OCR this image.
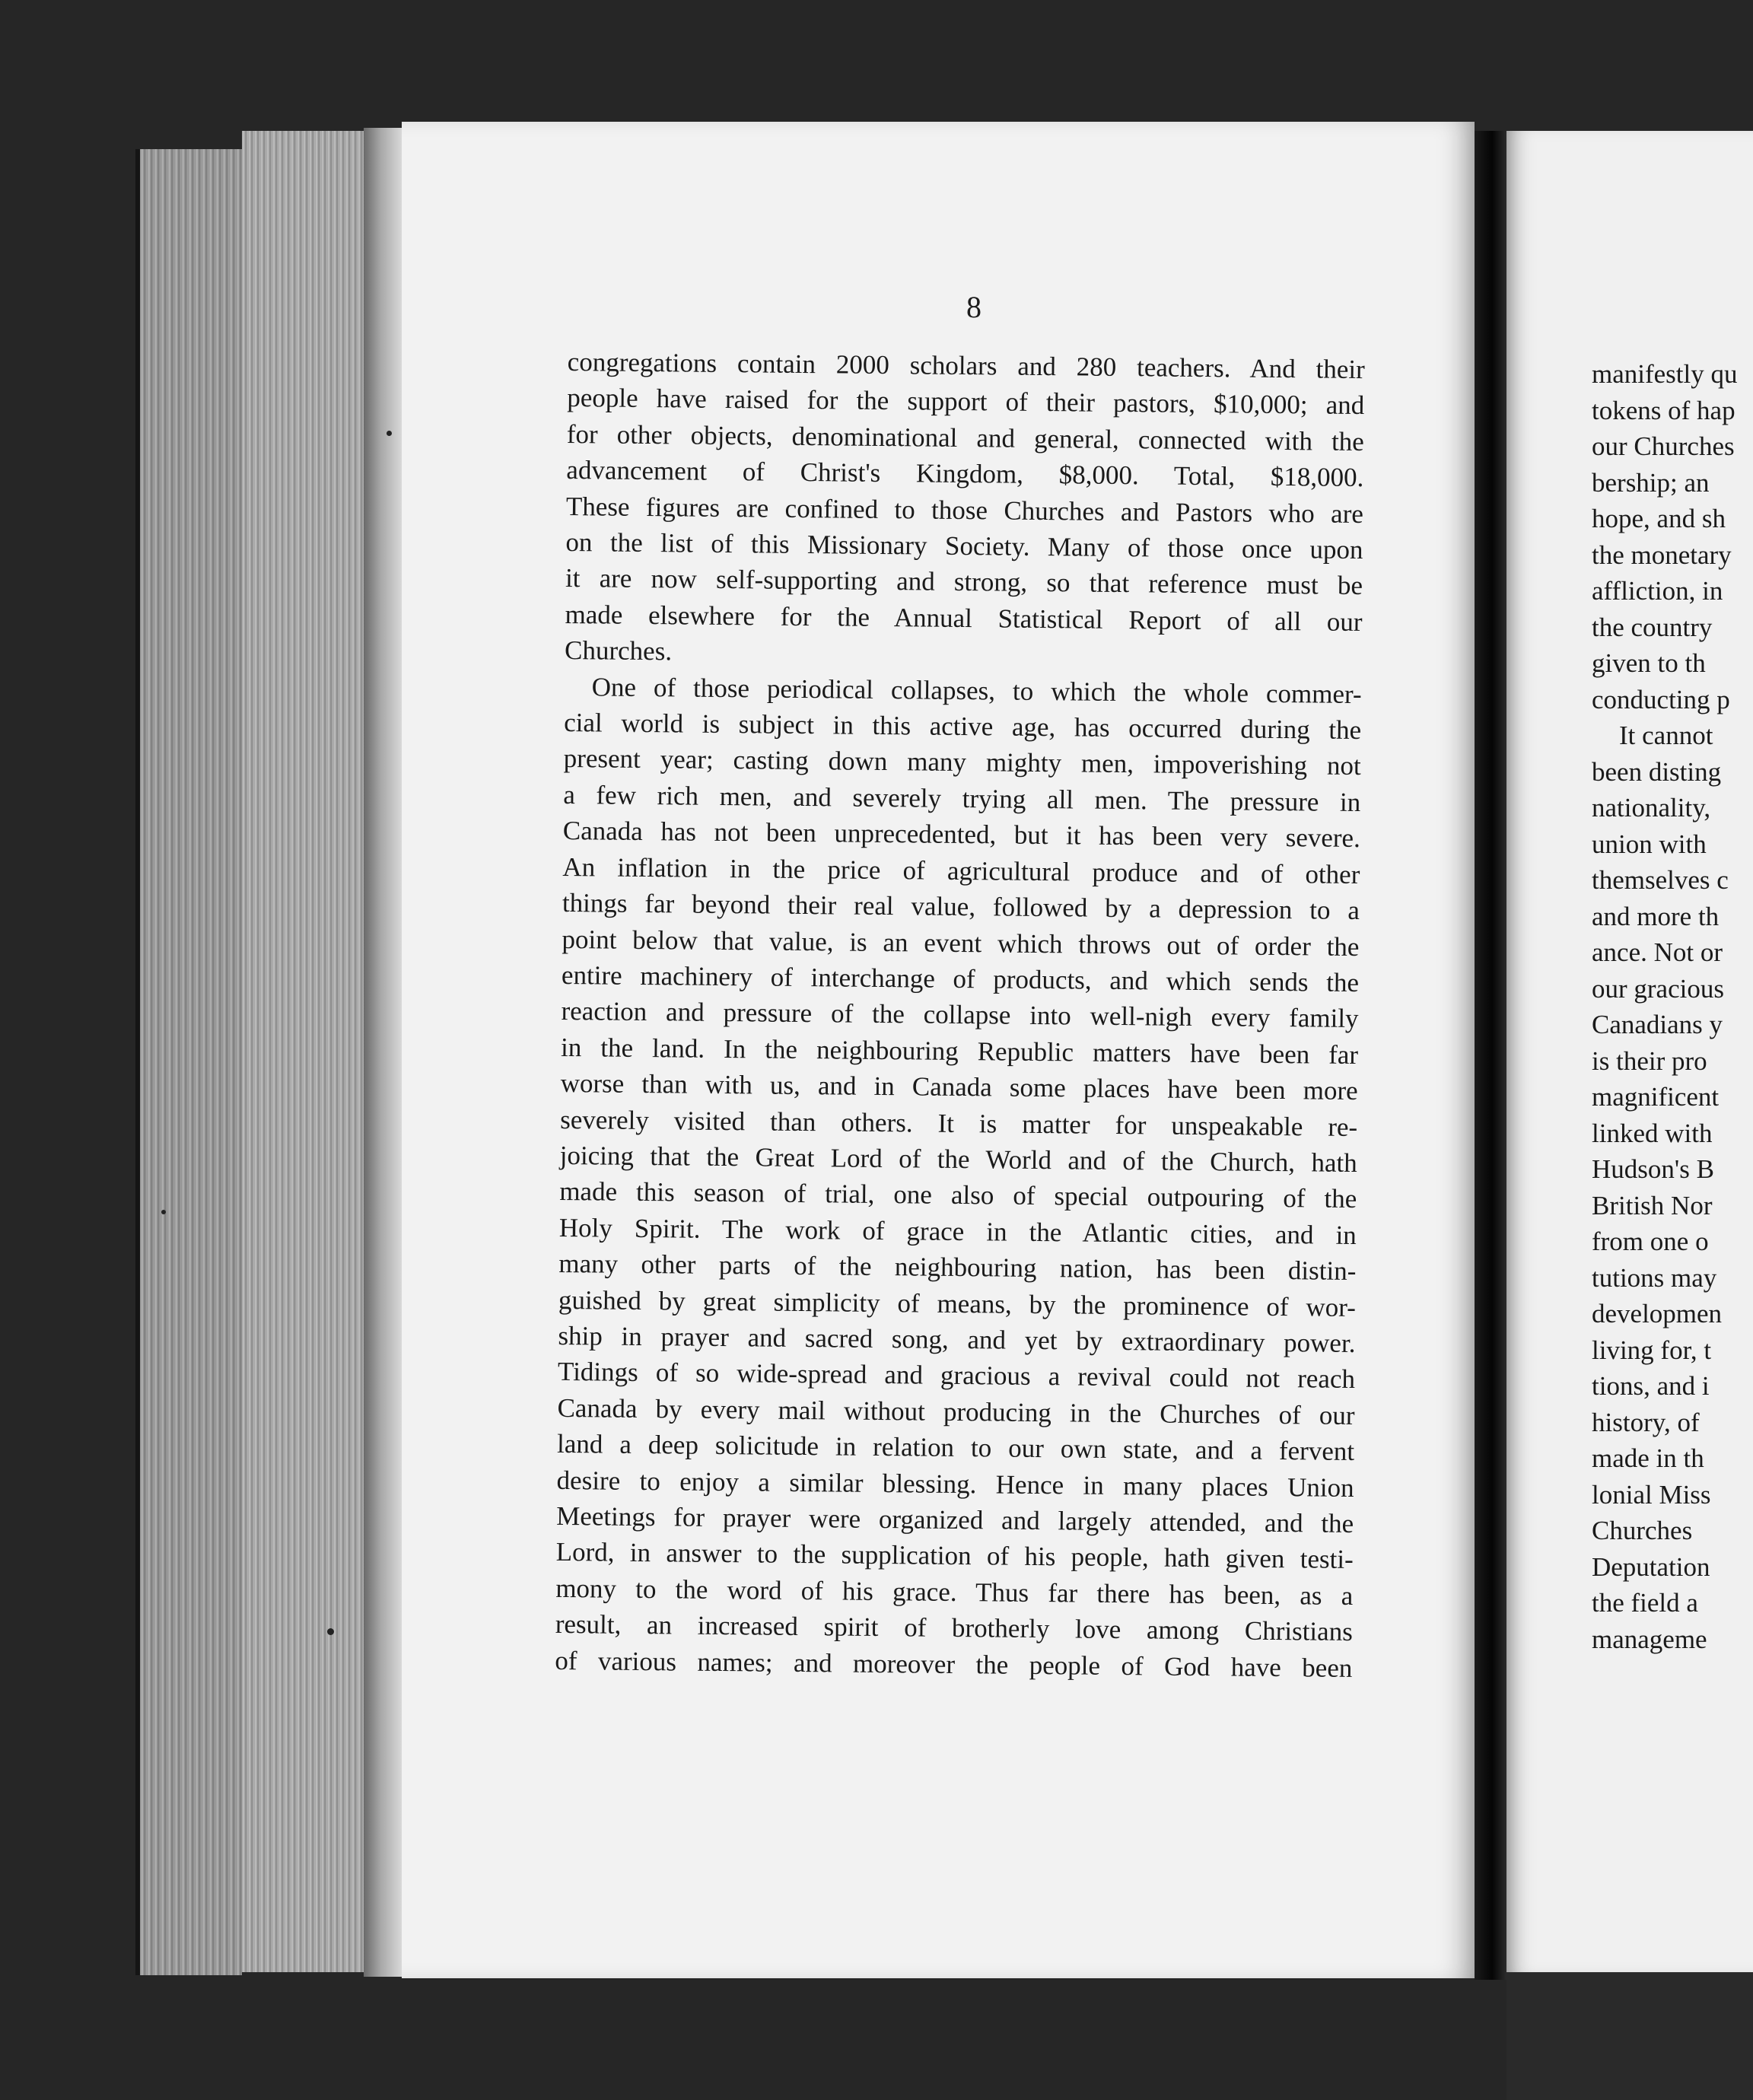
8
congregations contain 2000 scholars and 280 teachers. And their
people have raised for the support of their pastors, $10,000; and
for other objects, denominational and general, connected with the
advancement of Christ's Kingdom, $8,000. Total, $18,000.
These figures are confined to those Churches and Pastors who are
on the list of this Missionary Society. Many of those once upon
it are now self-supporting and strong, so that reference must be
made elsewhere for the Annual Statistical Report of all our
Churches.
One of those periodical collapses, to which the whole commer-
cial world is subject in this active age, has occurred during the
present year; casting down many mighty men, impoverishing not
a few rich men, and severely trying all men. The pressure in
Canada has not been unprecedented, but it has been very severe.
An inflation in the price of agricultural produce and of other
things far beyond their real value, followed by a depression to a
point below that value, is an event which throws out of order the
entire machinery of interchange of products, and which sends the
reaction and pressure of the collapse into well-nigh every family
in the land. In the neighbouring Republic matters have been far
worse than with us, and in Canada some places have been more
severely visited than others. It is matter for unspeakable re-
joicing that the Great Lord of the World and of the Church, hath
made this season of trial, one also of special outpouring of the
Holy Spirit. The work of grace in the Atlantic cities, and in
many other parts of the neighbouring nation, has been distin-
guished by great simplicity of means, by the prominence of wor-
ship in prayer and sacred song, and yet by extraordinary power.
Tidings of so wide-spread and gracious a revival could not reach
Canada by every mail without producing in the Churches of our
land a deep solicitude in relation to our own state, and a fervent
desire to enjoy a similar blessing. Hence in many places Union
Meetings for prayer were organized and largely attended, and the
Lord, in answer to the supplication of his people, hath given testi-
mony to the word of his grace. Thus far there has been, as a
result, an increased spirit of brotherly love among Christians
of various names; and moreover the people of God have been
manifestly qu
tokens of hap
our Churches
bership; an
hope, and sh
the monetary
affliction, in
the country
given to th
conducting p
It cannot
been disting
nationality,
union with
themselves c
and more th
ance. Not or
our gracious
Canadians y
is their pro
magnificent
linked with
Hudson's B
British Nor
from one o
tutions may
developmen
living for, t
tions, and i
history, of
made in th
lonial Miss
Churches
Deputation
the field a
manageme
